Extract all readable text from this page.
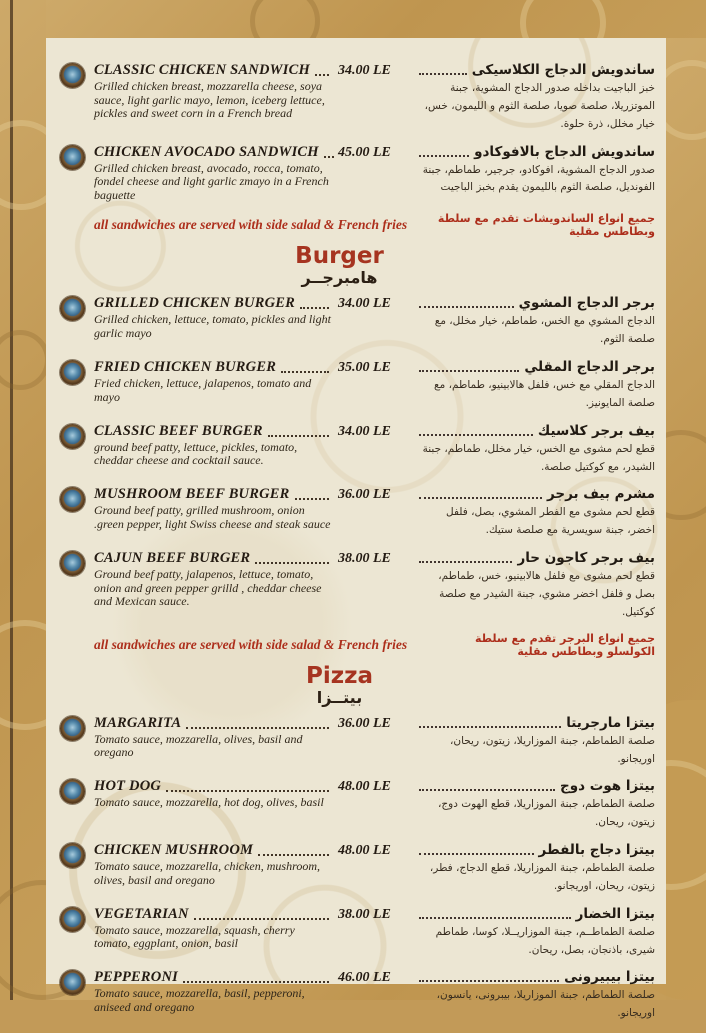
CLASSIC CHICKEN SANDWICH
Grilled chicken breast, mozzarella cheese, soya sauce, light garlic mayo, lemon, iceberg lettuce, pickles and sweet corn in a French bread
34.00 LE	ساندويش الدجاج الكلاسيكى
خبز الباجيت بداخله صدور الدجاج المشوية، جبنة الموتزريلا، صلصة صويا، صلصة الثوم و الليمون، خس، خيار مخلل، ذرة حلوة.
CHICKEN AVOCADO SANDWICH
Grilled chicken breast, avocado, rocca, tomato, fondel cheese and light garlic zmayo in a French baguette
45.00 LE	ساندويش الدجاج بالافوكادو
صدور الدجاج المشوية، افوكادو، جرجير، طماطم، جبنة الفونديل، صلصة الثوم بالليمون يقدم بخبز الباجيت
all sandwiches are served with side salad & French fries	جميع انواع الساندويشات تقدم مع سلطة وبطاطس مقلية
Burger
هامبرجــر
GRILLED CHICKEN BURGER
Grilled chicken, lettuce, tomato, pickles and light garlic mayo
34.00 LE	برجر الدجاج المشوي
الدجاج المشوي مع الخس، طماطم، خيار مخلل، مع صلصة الثوم.
FRIED CHICKEN BURGER
Fried chicken, lettuce, jalapenos, tomato and mayo
35.00 LE	برجر الدجاج المقلي
الدجاج المقلي مع خس، فلفل هالابينيو، طماطم، مع صلصة المايونيز.
CLASSIC BEEF BURGER
ground beef patty, lettuce, pickles, tomato, cheddar cheese and cocktail sauce.
34.00 LE	بيف برجر كلاسيك
قطع لحم مشوى مع الخس، خيار مخلل، طماطم، جبنة الشيدر، مع كوكتيل صلصة.
MUSHROOM BEEF BURGER
Ground beef patty, grilled mushroom, onion .green pepper, light Swiss cheese and steak sauce
36.00 LE	مشرم بيف برجر
قطع لحم مشوى مع الفطر المشوي، بصل، فلفل اخضر، جبنة سويسرية مع صلصة ستيك.
CAJUN BEEF BURGER
Ground beef patty, jalapenos, lettuce, tomato, onion and green pepper grilld , cheddar cheese and Mexican sauce.
38.00 LE	بيف برجر كاجون حار
قطع لحم مشوى مع فلفل هالابينيو، خس، طماطم، بصل و فلفل اخضر مشوي، جبنة الشيدر مع صلصة كوكتيل.
all sandwiches are served with side salad & French fries	جميع انواع البرجر تقدم مع سلطة الكولسلو وبطاطس مقلية
Pizza
بيتــزا
MARGARITA
Tomato sauce, mozzarella, olives, basil and oregano
36.00 LE	بيتزا مارجريتا
صلصة الطماطم، جبنة الموزاريلا، زيتون، ريحان، اوريجانو.
HOT DOG
Tomato sauce, mozzarella, hot dog, olives, basil
48.00 LE	بيتزا هوت دوج
صلصة الطماطم، جبنة الموزاريلا، قطع الهوت دوج، زيتون، ريحان.
CHICKEN MUSHROOM
Tomato sauce, mozzarella, chicken, mushroom, olives, basil and oregano
48.00 LE	بيتزا دجاج بالفطر
صلصة الطماطم، جبنة الموزاريلا، قطع الدجاج، فطر، زيتون، ريحان، اوريجانو.
VEGETARIAN
Tomato sauce, mozzarella, squash, cherry tomato, eggplant, onion, basil
38.00 LE	بيتزا الخضار
صلصة الطماطــم، جبنة الموزاريــلا، كوسا، طماطم شيرى، باذنجان، بصل، ريحان.
PEPPERONI
Tomato sauce, mozzarella, basil, pepperoni, aniseed and oregano
46.00 LE	بيتزا بيبيرونى
صلصة الطماطم، جبنة الموزاريلا، بيبرونى، يانسون، اوريجانو.
